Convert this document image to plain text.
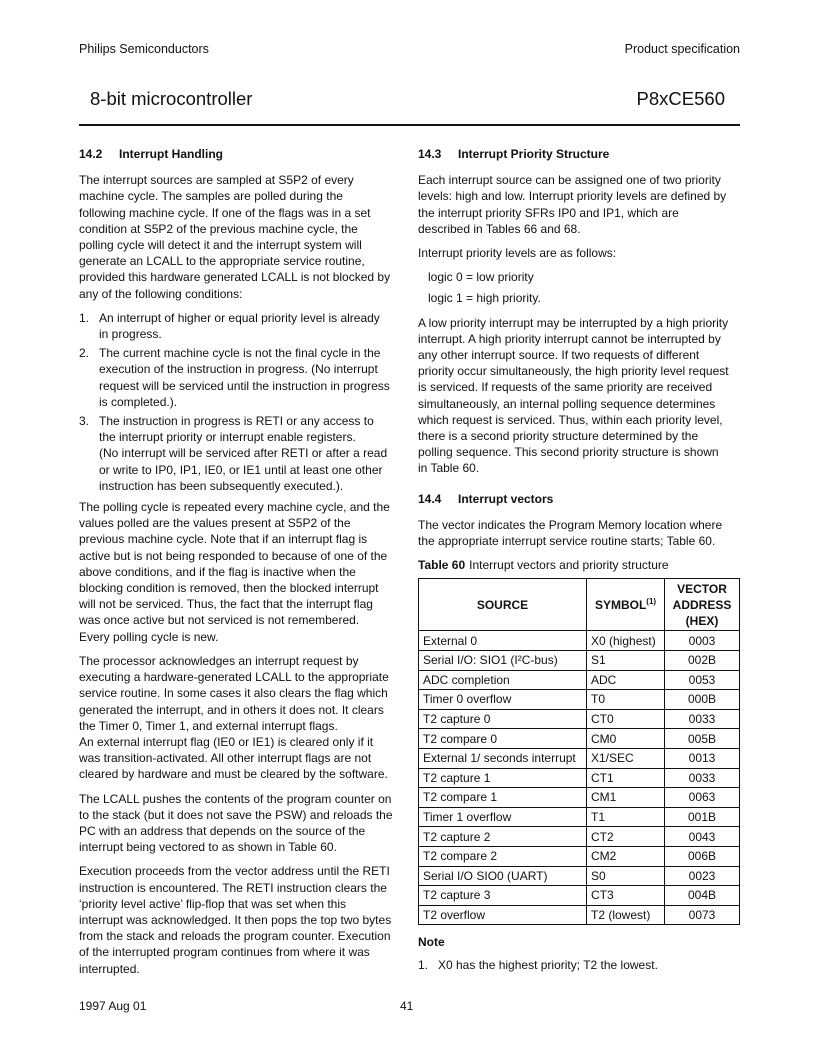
Philips Semiconductors	Product specification
8-bit microcontroller	P8xCE560
14.2 Interrupt Handling

The interrupt sources are sampled at S5P2 of every
machine cycle. The samples are polled during the
following machine cycle. If one of the flags was in a set
condition at S5P2 of the previous machine cycle, the
polling cycle will detect it and the interrupt system will
generate an LCALL to the appropriate service routine,
provided this hardware generated LCALL is not blocked by
any of the following conditions:

1. An interrupt of higher or equal priority level is already
in progress.
2. The current machine cycle is not the final cycle in the
execution of the instruction in progress. (No interrupt
request will be serviced until the instruction in progress
is completed.).
3. The instruction in progress is RETI or any access to
the interrupt priority or interrupt enable registers.
(No interrupt will be serviced after RETI or after a read
or write to IP0, IP1, IE0, or IE1 until at least one other
instruction has been subsequently executed.).

The polling cycle is repeated every machine cycle, and the
values polled are the values present at S5P2 of the
previous machine cycle. Note that if an interrupt flag is
active but is not being responded to because of one of the
above conditions, and if the flag is inactive when the
blocking condition is removed, then the blocked interrupt
will not be serviced. Thus, the fact that the interrupt flag
was once active but not serviced is not remembered.
Every polling cycle is new.

The processor acknowledges an interrupt request by
executing a hardware-generated LCALL to the appropriate
service routine. In some cases it also clears the flag which
generated the interrupt, and in others it does not. It clears
the Timer 0, Timer 1, and external interrupt flags.
An external interrupt flag (IE0 or IE1) is cleared only if it
was transition-activated. All other interrupt flags are not
cleared by hardware and must be cleared by the software.

The LCALL pushes the contents of the program counter on
to the stack (but it does not save the PSW) and reloads the
PC with an address that depends on the source of the
interrupt being vectored to as shown in Table 60.

Execution proceeds from the vector address until the RETI
instruction is encountered. The RETI instruction clears the
‘priority level active’ flip-flop that was set when this
interrupt was acknowledged. It then pops the top two bytes
from the stack and reloads the program counter. Execution
of the interrupted program continues from where it was
interrupted.

14.3 Interrupt Priority Structure

Each interrupt source can be assigned one of two priority
levels: high and low. Interrupt priority levels are defined by
the interrupt priority SFRs IP0 and IP1, which are
described in Tables 66 and 68.

Interrupt priority levels are as follows:

logic 0 = low priority
logic 1 = high priority.

A low priority interrupt may be interrupted by a high priority
interrupt. A high priority interrupt cannot be interrupted by
any other interrupt source. If two requests of different
priority occur simultaneously, the high priority level request
is serviced. If requests of the same priority are received
simultaneously, an internal polling sequence determines
which request is serviced. Thus, within each priority level,
there is a second priority structure determined by the
polling sequence. This second priority structure is shown
in Table 60.

14.4 Interrupt vectors

The vector indicates the Program Memory location where
the appropriate interrupt service routine starts; Table 60.

Table 60 Interrupt vectors and priority structure
SOURCE	SYMBOL$^{(1)}$	VECTOR
ADDRESS
(HEX)

External 0	X0 (highest)	0003
Serial I/O: SIO1 (I²C-bus)	S1	002B
ADC completion	ADC	0053
Timer 0 overflow	T0	000B
T2 capture 0	CT0	0033
T2 compare 0	CM0	005B
External 1/ seconds interrupt	X1/SEC	0013
T2 capture 1	CT1	0033
T2 compare 1	CM1	0063
Timer 1 overflow	T1	001B
T2 capture 2	CT2	0043
T2 compare 2	CM2	006B
Serial I/O SIO0 (UART)	S0	0023
T2 capture 3	CT3	004B
T2 overflow	T2 (lowest)	0073
Note
1. X0 has the highest priority; T2 the lowest.
1997 Aug 01	41
